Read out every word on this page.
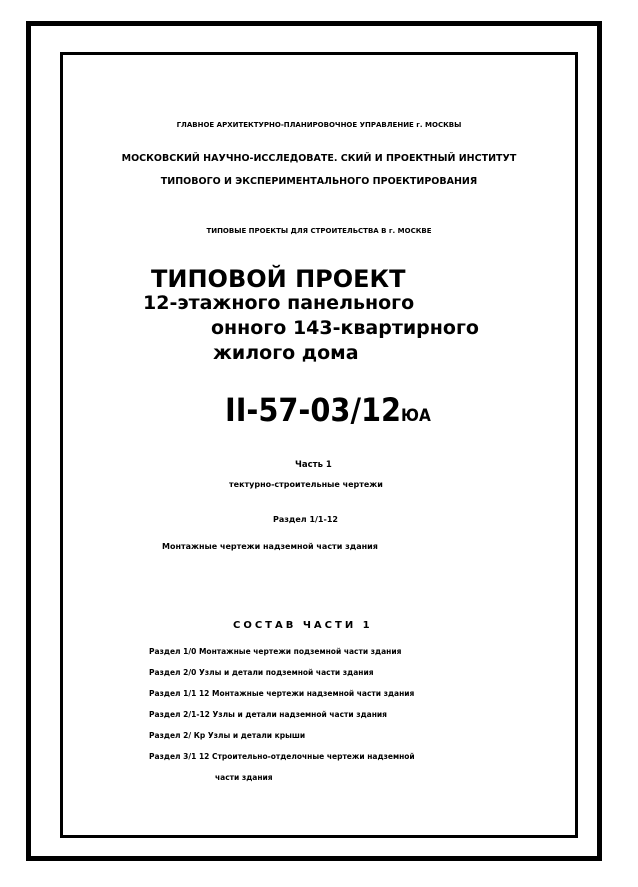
ГЛАВНОЕ АРХИТЕКТУРНО-ПЛАНИРОВОЧНОЕ УПРАВЛЕНИЕ г. МОСКВЫ
МОСКОВСКИЙ НАУЧНО-ИССЛЕДОВАТЕ. СКИЙ И ПРОЕКТНЫЙ ИНСТИТУТ
ТИПОВОГО И ЭКСПЕРИМЕНТАЛЬНОГО ПРОЕКТИРОВАНИЯ
ТИПОВЫЕ ПРОЕКТЫ ДЛЯ СТРОИТЕЛЬСТВА В г. МОСКВЕ
ТИПОВОЙ ПРОЕКТ
12-этажного панельного
онного 143-квартирного
жилого дома
II-57-03/12ЮА
Часть 1
тектурно-строительные чертежи
Раздел 1/1-12
Монтажные чертежи надземной части здания
СОСТАВ ЧАСТИ 1
Раздел 1/0 Монтажные чертежи подземной части здания
Раздел 2/0 Узлы и детали подземной части здания
Раздел 1/1 12 Монтажные чертежи надземной части здания
Раздел 2/1-12 Узлы и детали надземной части здания
Раздел 2/ Кр Узлы и детали крыши
Раздел 3/1 12 Строительно-отделочные чертежи надземной
части здания
